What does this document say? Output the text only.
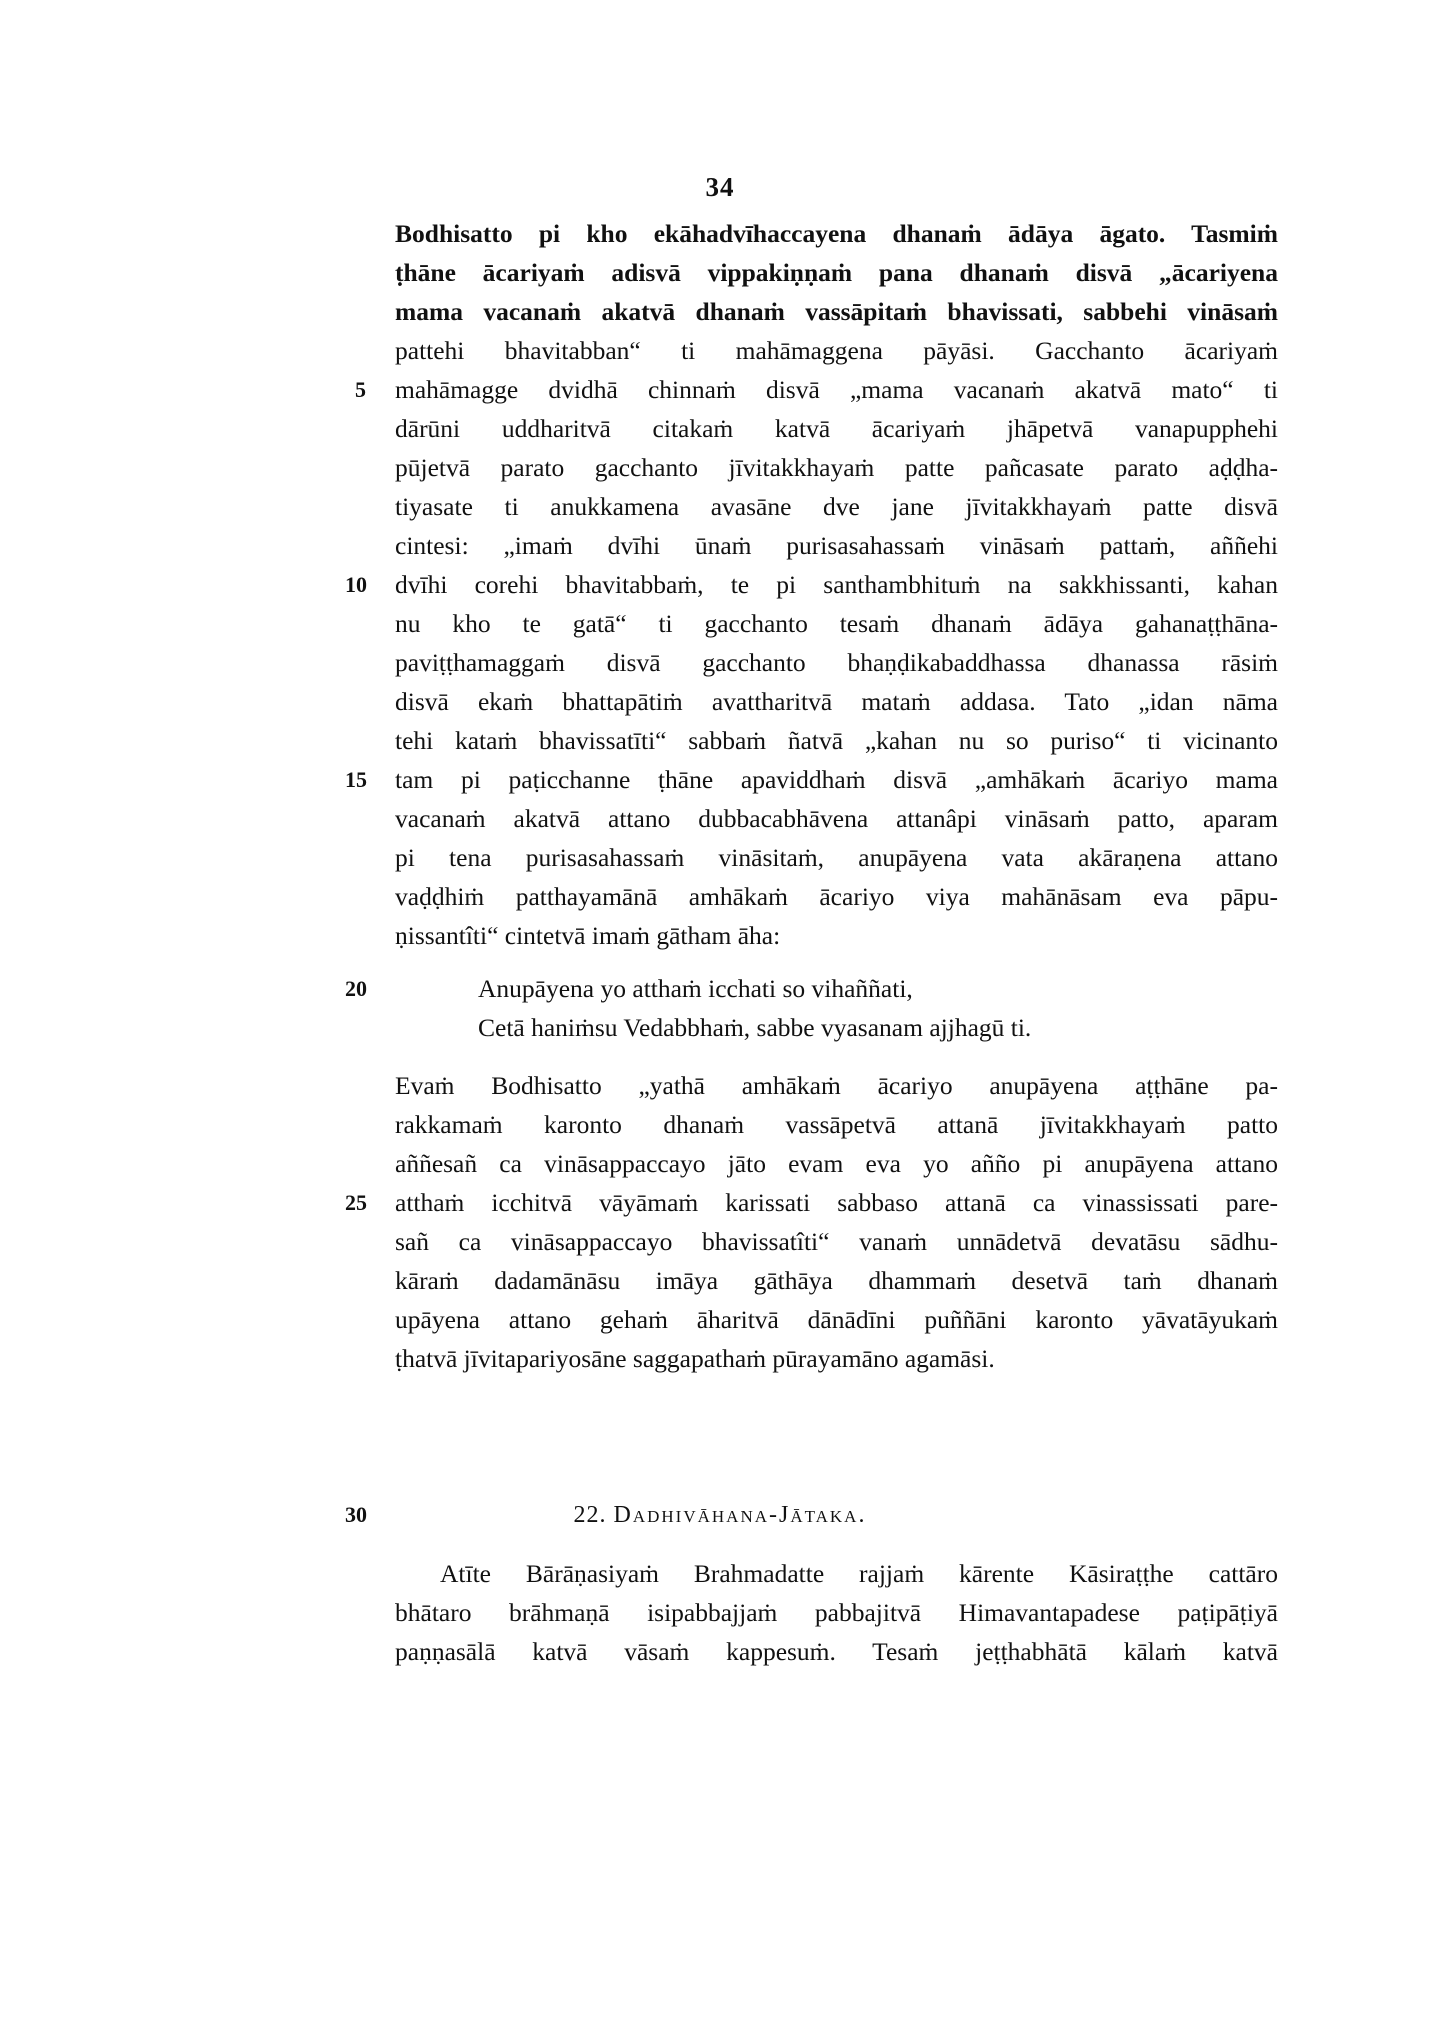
34
Bodhisatto pi kho ekāhadvīhaccayena dhanaṁ ādāya āgato. Tasmiṁ
ṭhāne ācariyaṁ adisvā vippakiṇṇaṁ pana dhanaṁ disvā „ācariyena
mama vacanaṁ akatvā dhanaṁ vassāpitaṁ bhavissati, sabbehi vināsaṁ
pattehi bhavitabban“ ti mahāmaggena pāyāsi. Gacchanto ācariyaṁ
mahāmagge dvidhā chinnaṁ disvā „mama vacanaṁ akatvā mato“ ti
dārūni uddharitvā citakaṁ katvā ācariyaṁ jhāpetvā vanapupphehi
pūjetvā parato gacchanto jīvitakkhayaṁ patte pañcasate parato aḍḍha-
tiyasate ti anukkamena avasāne dve jane jīvitakkhayaṁ patte disvā
cintesi: „imaṁ dvīhi ūnaṁ purisasahassaṁ vināsaṁ pattaṁ, aññehi
dvīhi corehi bhavitabbaṁ, te pi santhambhituṁ na sakkhissanti, kahan
nu kho te gatā“ ti gacchanto tesaṁ dhanaṁ ādāya gahanaṭṭhāna-
paviṭṭhamaggaṁ disvā gacchanto bhaṇḍikabaddhassa dhanassa rāsiṁ
disvā ekaṁ bhattapātiṁ avattharitvā mataṁ addasa. Tato „idan nāma
tehi kataṁ bhavissatīti“ sabbaṁ ñatvā „kahan nu so puriso“ ti vicinanto
tam pi paṭicchanne ṭhāne apaviddhaṁ disvā „amhākaṁ ācariyo mama
vacanaṁ akatvā attano dubbacabhāvena attanâpi vināsaṁ patto, aparam
pi tena purisasahassaṁ vināsitaṁ, anupāyena vata akāraṇena attano
vaḍḍhiṁ patthayamānā amhākaṁ ācariyo viya mahānāsam eva pāpu-
ṇissantîti“ cintetvā imaṁ gātham āha:
Anupāyena yo atthaṁ icchati so vihaññati,
Cetā haniṁsu Vedabbhaṁ, sabbe vyasanam ajjhagū ti.
Evaṁ Bodhisatto „yathā amhākaṁ ācariyo anupāyena aṭṭhāne pa-
rakkamaṁ karonto dhanaṁ vassāpetvā attanā jīvitakkhayaṁ patto
aññesañ ca vināsappaccayo jāto evam eva yo añño pi anupāyena attano
atthaṁ icchitvā vāyāmaṁ karissati sabbaso attanā ca vinassissati pare-
sañ ca vināsappaccayo bhavissatîti“ vanaṁ unnādetvā devatāsu sādhu-
kāraṁ dadamānāsu imāya gāthāya dhammaṁ desetvā taṁ dhanaṁ
upāyena attano gehaṁ āharitvā dānādīni puññāni karonto yāvatāyukaṁ
ṭhatvā jīvitapariyosāne saggapathaṁ pūrayamāno agamāsi.
22. Dadhivāhana-Jātaka.
Atīte Bārāṇasiyaṁ Brahmadatte rajjaṁ kārente Kāsiraṭṭhe cattāro
bhātaro brāhmaṇā isipabbajjaṁ pabbajitvā Himavantapadese paṭipāṭiyā
paṇṇasālā katvā vāsaṁ kappesuṁ. Tesaṁ jeṭṭhabhātā kālaṁ katvā
5
10
15
20
25
30
